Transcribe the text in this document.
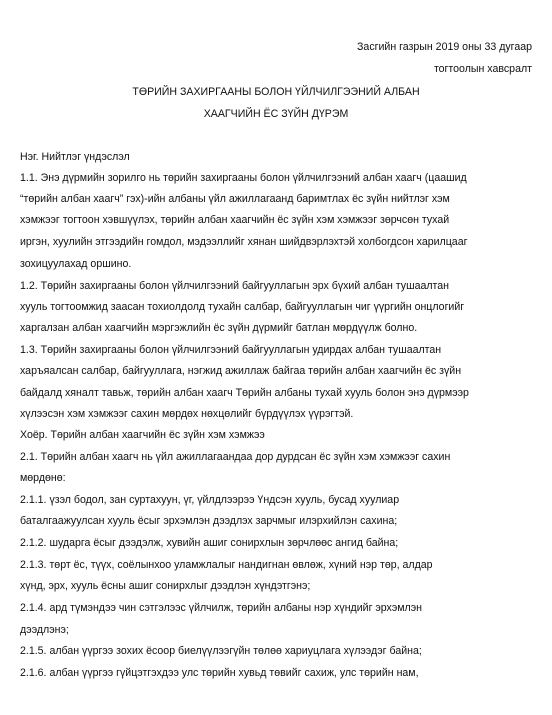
Засгийн газрын 2019 оны 33 дугаар
тогтоолын хавсралт
ТӨРИЙН ЗАХИРГААНЫ БОЛОН ҮЙЛЧИЛГЭЭНИЙ АЛБАН
ХААГЧИЙН ЁС ЗҮЙН ДҮРЭМ
Нэг. Нийтлэг үндэслэл
1.1. Энэ дүрмийн зорилго нь төрийн захиргааны болон үйлчилгээний албан хаагч (цаашид
“төрийн албан хаагч” гэх)-ийн албаны үйл ажиллагаанд баримтлах ёс зүйн нийтлэг хэм
хэмжээг тогтоон хэвшүүлэх, төрийн албан хаагчийн ёс зүйн хэм хэмжээг зөрчсөн тухай
иргэн, хуулийн этгээдийн гомдол, мэдээллийг хянан шийдвэрлэхтэй холбогдсон харилцааг
зохицуулахад оршино.
1.2. Төрийн захиргааны болон үйлчилгээний байгууллагын эрх бүхий албан тушаалтан
хууль тогтоомжид заасан тохиолдолд тухайн салбар, байгууллагын чиг үүргийн онцлогийг
харгалзан албан хаагчийн мэргэжлийн ёс зүйн дүрмийг батлан мөрдүүлж болно.
1.3. Төрийн захиргааны болон үйлчилгээний байгууллагын удирдах албан тушаалтан
харъяалсан салбар, байгууллага, нэгжид ажиллаж байгаа төрийн албан хаагчийн ёс зүйн
байдалд хяналт тавьж, төрийн албан хаагч Төрийн албаны тухай хууль болон энэ дүрмээр
хүлээсэн хэм хэмжээг сахин мөрдөх нөхцөлийг бүрдүүлэх үүрэгтэй.
Хоёр. Төрийн албан хаагчийн ёс зүйн хэм хэмжээ
2.1. Төрийн албан хаагч нь үйл ажиллагаандаа дор дурдсан ёс зүйн хэм хэмжээг сахин
мөрдөнө:
2.1.1. үзэл бодол, зан суртахуун, үг, үйлдлээрээ Үндсэн хууль, бусад хуулиар
баталгаажуулсан хууль ёсыг эрхэмлэн дээдлэх зарчмыг илэрхийлэн сахина;
2.1.2. шударга ёсыг дээдэлж, хувийн ашиг сонирхлын зөрчлөөс ангид байна;
2.1.3. төрт ёс, түүх, соёлынхоо уламжлалыг нандигнан өвлөж, хүний нэр төр, алдар
хүнд, эрх, хууль ёсны ашиг сонирхлыг дээдлэн хүндэтгэнэ;
2.1.4. ард түмэндээ чин сэтгэлээс үйлчилж, төрийн албаны нэр хүндийг эрхэмлэн
дээдлэнэ;
2.1.5. албан үүргээ зохих ёсоор биелүүлээгүйн төлөө хариуцлага хүлээдэг байна;
2.1.6. албан үүргээ гүйцэтгэхдээ улс төрийн хувьд төвийг сахиж, улс төрийн нам,
